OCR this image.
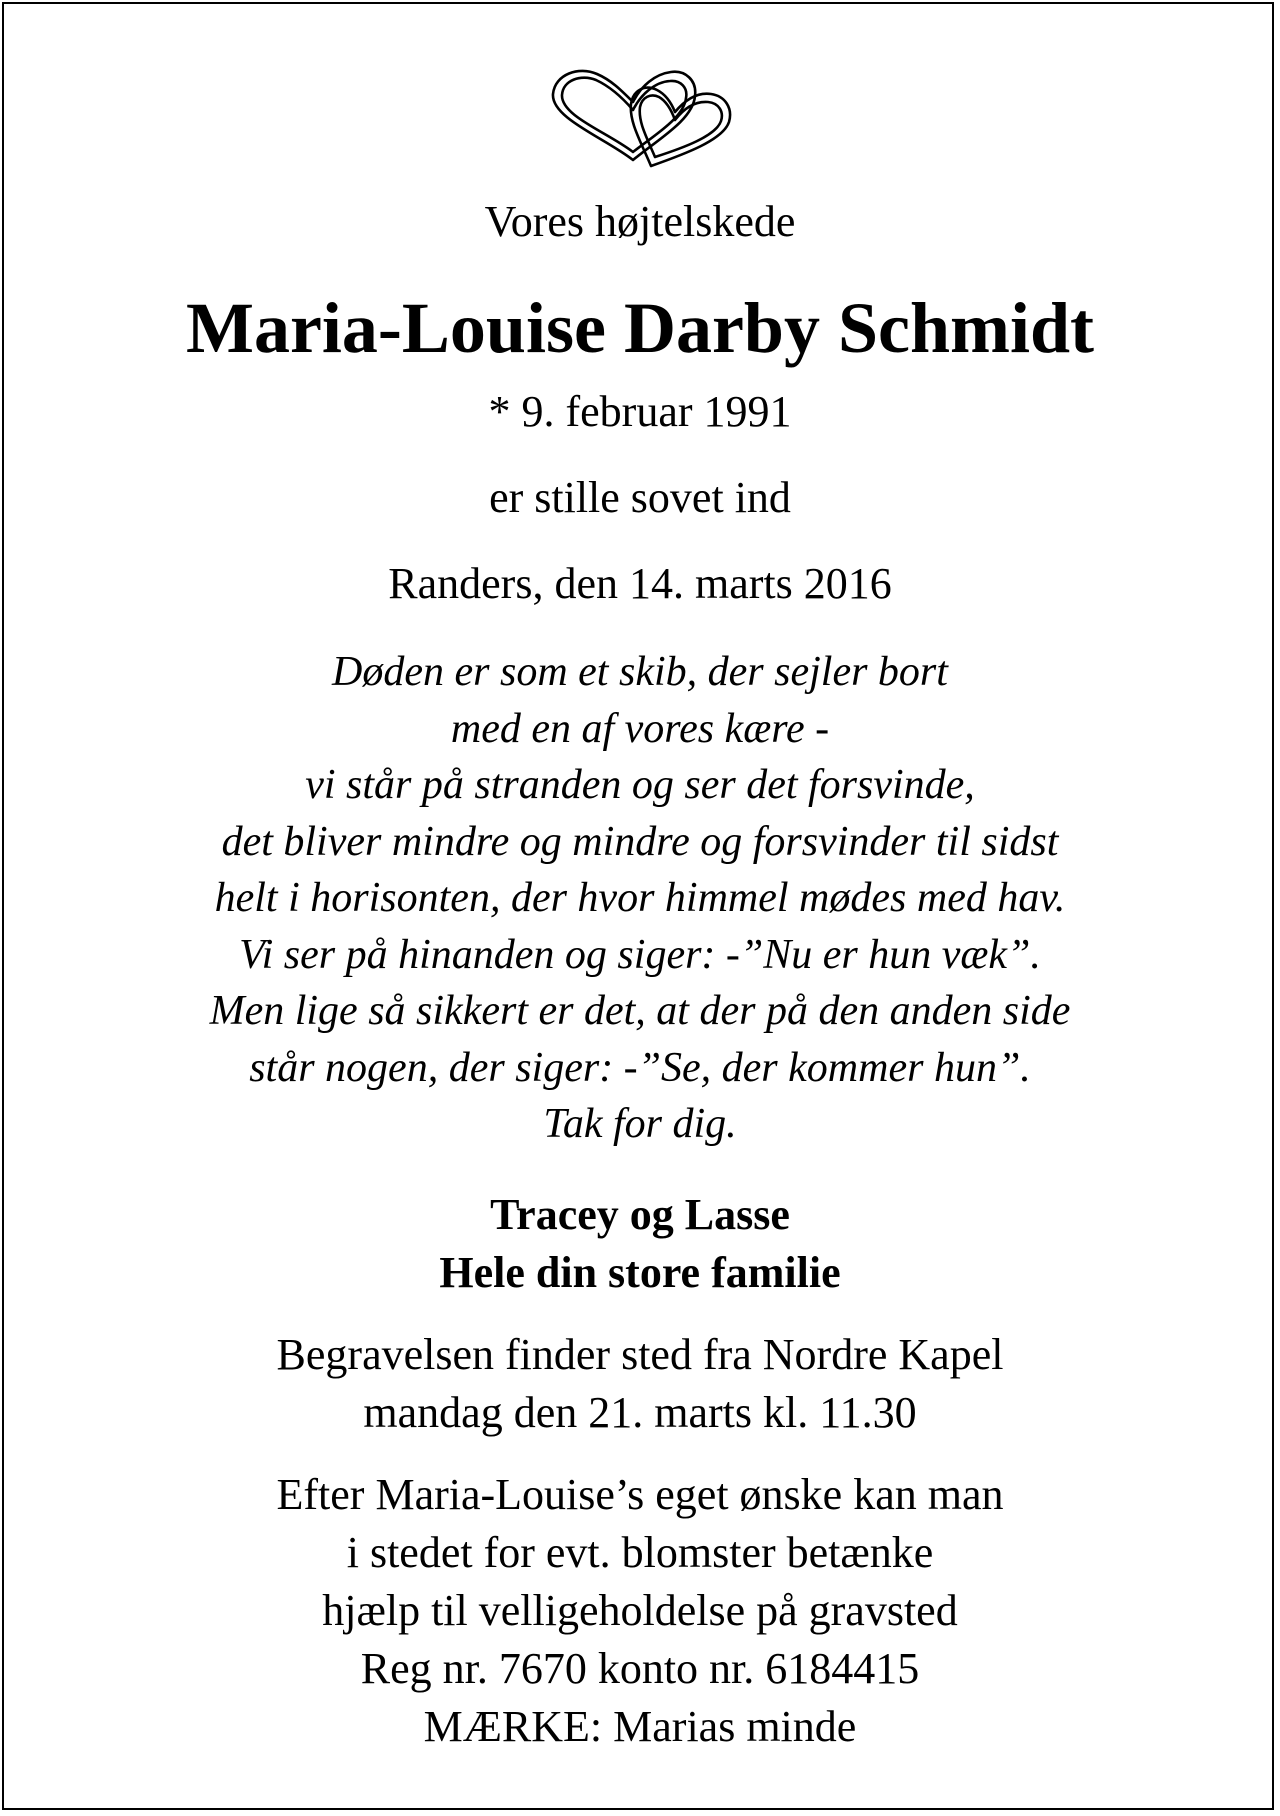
Vores højtelskede
Maria-Louise Darby Schmidt
* 9. februar 1991
er stille sovet ind
Randers, den 14. marts 2016
Døden er som et skib, der sejler bort
med en af vores kære -
vi står på stranden og ser det forsvinde,
det bliver mindre og mindre og forsvinder til sidst
helt i horisonten, der hvor himmel mødes med hav.
Vi ser på hinanden og siger: -”Nu er hun væk”.
Men lige så sikkert er det, at der på den anden side
står nogen, der siger: -”Se, der kommer hun”.
Tak for dig.
Tracey og Lasse
Hele din store familie
Begravelsen finder sted fra Nordre Kapel
mandag den 21. marts kl. 11.30
Efter Maria-Louise’s eget ønske kan man
i stedet for evt. blomster betænke
hjælp til velligeholdelse på gravsted
Reg nr. 7670 konto nr. 6184415
MÆRKE: Marias minde
